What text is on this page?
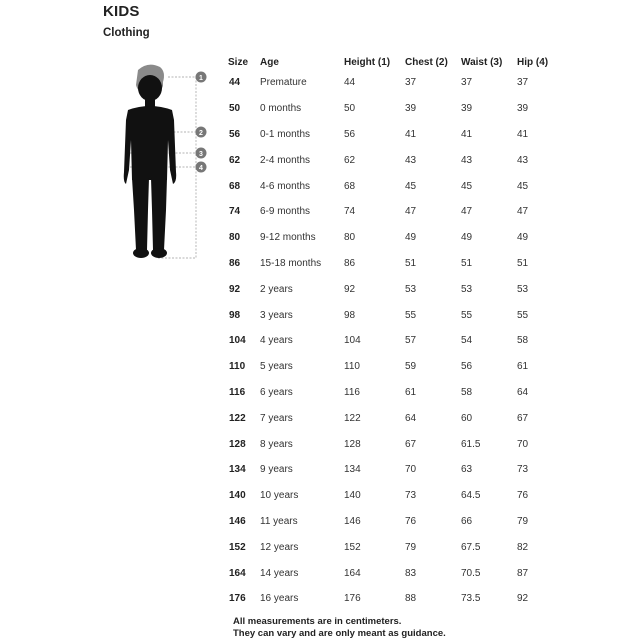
KIDS
Clothing
1
2
3
4
Size	Age	Height (1)	Chest (2)	Waist (3)	Hip (4)
44	Premature	44	37	37	37
50	0 months	50	39	39	39
56	0-1 months	56	41	41	41
62	2-4 months	62	43	43	43
68	4-6 months	68	45	45	45
74	6-9 months	74	47	47	47
80	9-12 months	80	49	49	49
86	15-18 months	86	51	51	51
92	2 years	92	53	53	53
98	3 years	98	55	55	55
104	4 years	104	57	54	58
110	5 years	110	59	56	61
116	6 years	116	61	58	64
122	7 years	122	64	60	67
128	8 years	128	67	61.5	70
134	9 years	134	70	63	73
140	10 years	140	73	64.5	76
146	11 years	146	76	66	79
152	12 years	152	79	67.5	82
164	14 years	164	83	70.5	87
176	16 years	176	88	73.5	92
All measurements are in centimeters.
They can vary and are only meant as guidance.
